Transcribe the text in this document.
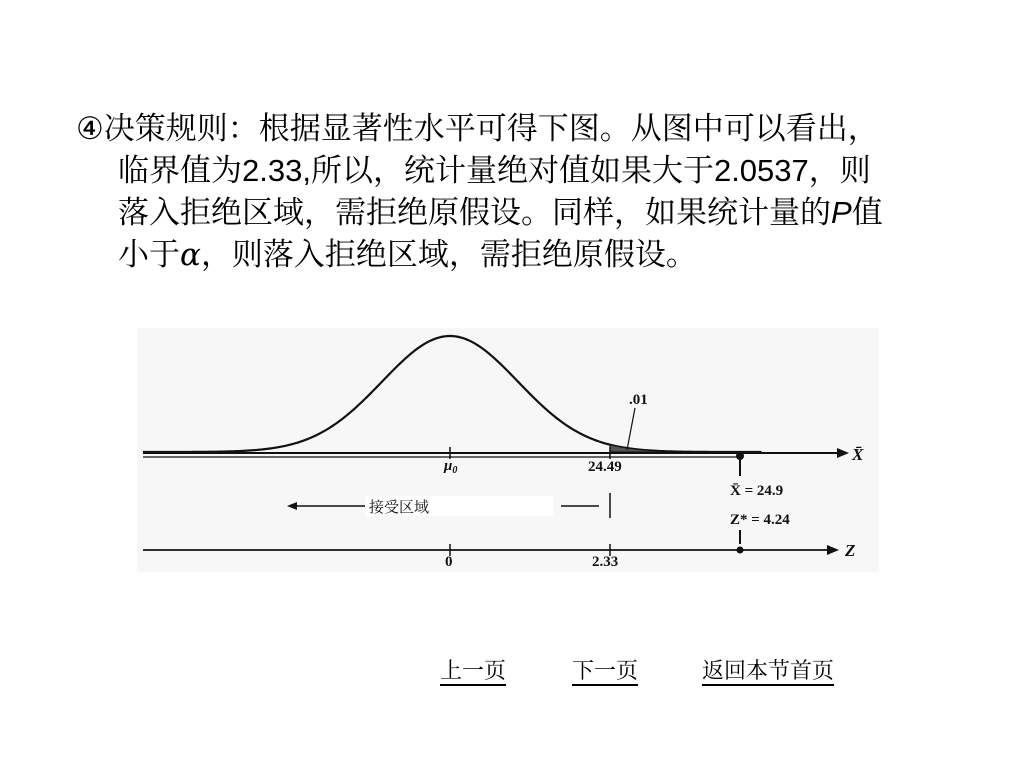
④决策规则：根据显著性水平可得下图。从图中可以看出，
临界值为2.33,所以，统计量绝对值如果大于2.0537，则
落入拒绝区域，需拒绝原假设。同样，如果统计量的P值
小于α，则落入拒绝区域，需拒绝原假设。
X̄
$\mu_0$	24.49
.01
X̄ = 24.9
Z* = 4.24
接受区域
Z
0	2.33
上一页	下一页	返回本节首页
